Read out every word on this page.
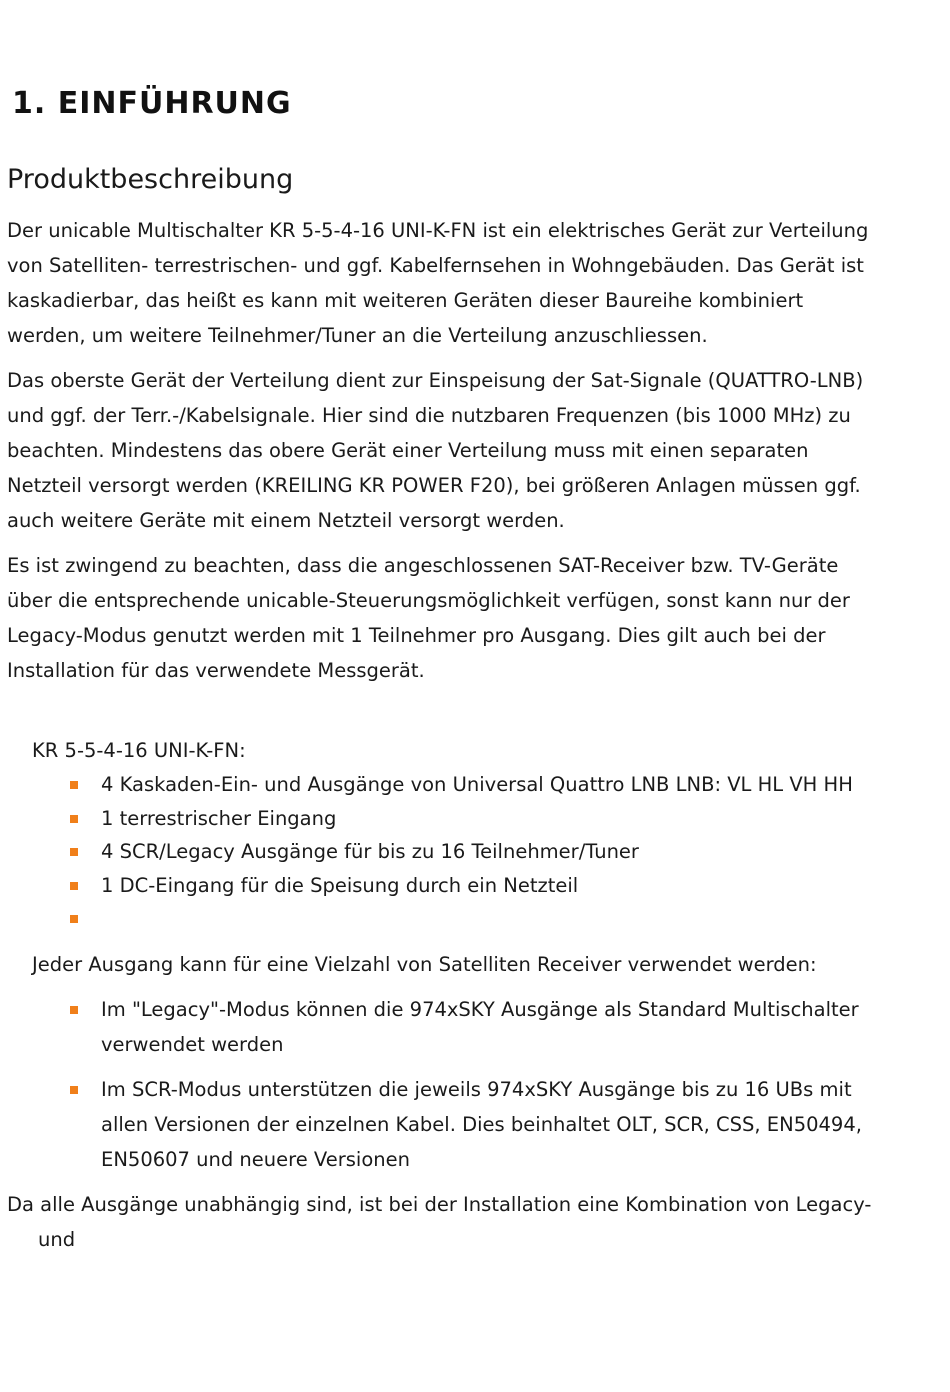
1. EINFÜHRUNG
Produktbeschreibung

Der unicable Multischalter KR 5-5-4-16 UNI-K-FN ist ein elektrisches Gerät zur Verteilung von Satelliten- terrestrischen- und ggf. Kabelfernsehen in Wohngebäuden. Das Gerät ist kaskadierbar, das heißt es kann mit weiteren Geräten dieser Baureihe kombiniert werden, um weitere Teilnehmer/Tuner an die Verteilung anzuschliessen.

Das oberste Gerät der Verteilung dient zur Einspeisung der Sat-Signale (QUATTRO-LNB) und ggf. der Terr.-/Kabelsignale. Hier sind die nutzbaren Frequenzen (bis 1000 MHz) zu beachten. Mindestens das obere Gerät einer Verteilung muss mit einen separaten Netzteil versorgt werden (KREILING KR POWER F20), bei größeren Anlagen müssen ggf. auch weitere Geräte mit einem Netzteil versorgt werden.

Es ist zwingend zu beachten, dass die angeschlossenen SAT-Receiver bzw. TV-Geräte über die entsprechende unicable-Steuerungsmöglichkeit verfügen, sonst kann nur der Legacy-Modus genutzt werden mit 1 Teilnehmer pro Ausgang. Dies gilt auch bei der Installation für das verwendete Messgerät.

KR 5-5-4-16 UNI-K-FN:

4 Kaskaden-Ein- und Ausgänge von Universal Quattro LNB LNB: VL HL VH HH
1 terrestrischer Eingang
4 SCR/Legacy Ausgänge für bis zu 16 Teilnehmer/Tuner
1 DC-Eingang für die Speisung durch ein Netzteil

Jeder Ausgang kann für eine Vielzahl von Satelliten Receiver verwendet werden:

Im "Legacy"-Modus können die 974xSKY Ausgänge als Standard Multischalter verwendet werden
Im SCR-Modus unterstützen die jeweils 974xSKY Ausgänge bis zu 16 UBs mit allen Versionen der einzelnen Kabel. Dies beinhaltet OLT, SCR, CSS, EN50494, EN50607 und neuere Versionen

Da alle Ausgänge unabhängig sind, ist bei der Installation eine Kombination von Legacy-
und
